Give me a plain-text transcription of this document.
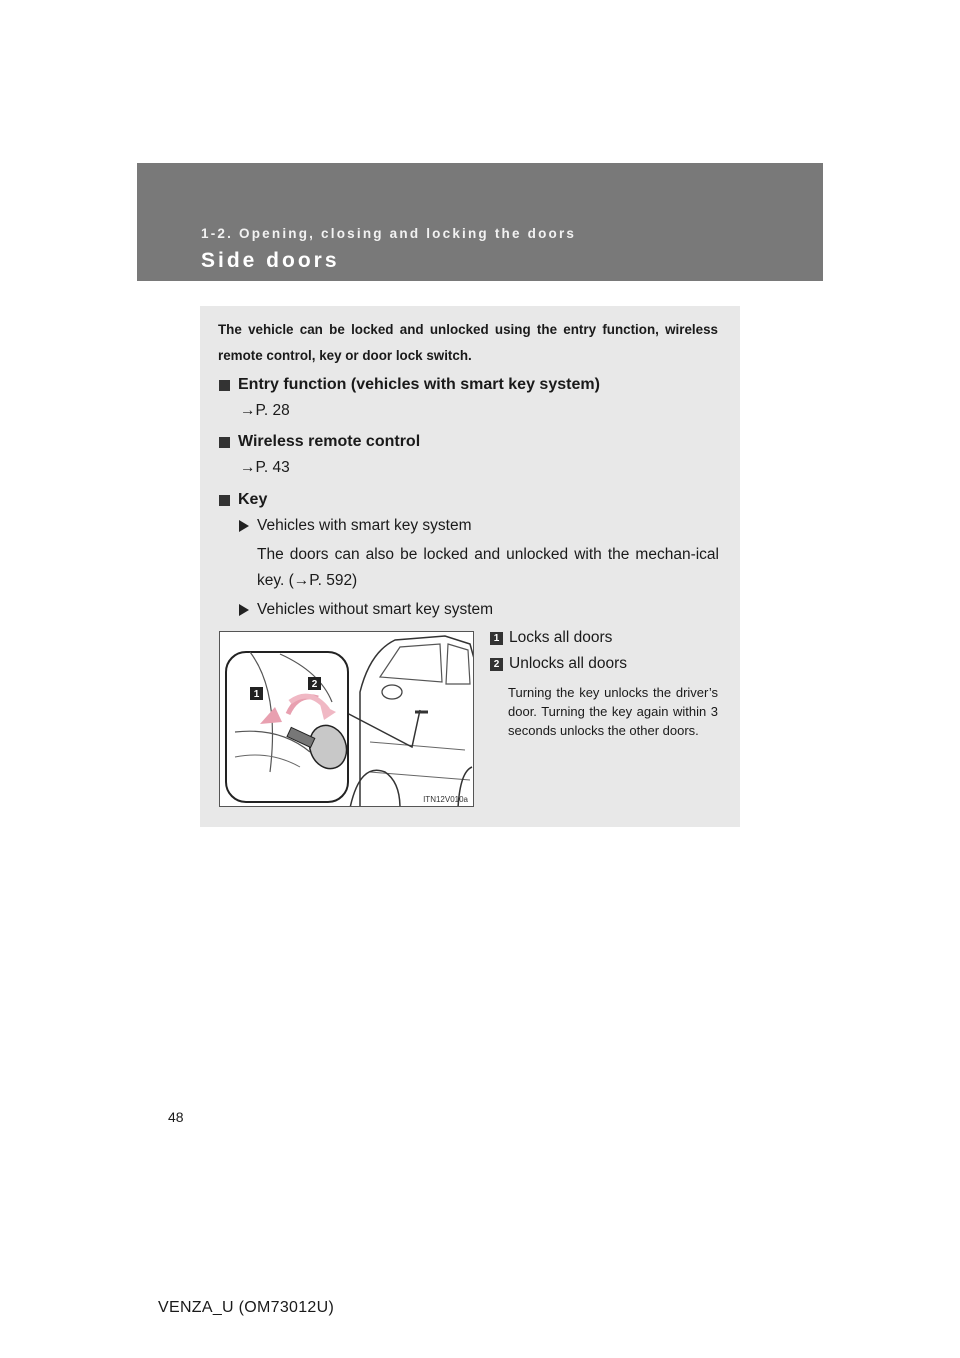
1-2. Opening, closing and locking the doors
Side doors
The vehicle can be locked and unlocked using the entry function, wireless remote control, key or door lock switch.
Entry function (vehicles with smart key system)
→P. 28
Wireless remote control
→P. 43
Key
Vehicles with smart key system
The doors can also be locked and unlocked with the mechan-ical key. (→P. 592)
Vehicles without smart key system
1
2
ITN12V010a
1 Locks all doors
2 Unlocks all doors
Turning the key unlocks the driver’s door. Turning the key again within 3 seconds unlocks the other doors.
48
VENZA_U (OM73012U)
